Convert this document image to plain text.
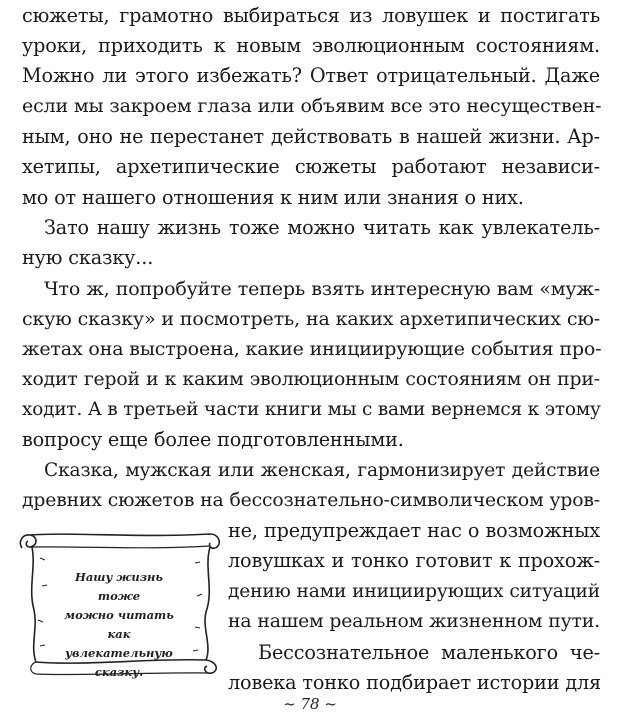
сюжеты, грамотно выбираться из ловушек и постигать
уроки, приходить к новым эволюционным состояниям.
Можно ли этого избежать? Ответ отрицательный. Даже
если мы закроем глаза или объявим все это несуществен-
ным, оно не перестанет действовать в нашей жизни. Ар-
хетипы, архетипические сюжеты работают независи-
мо от нашего отношения к ним или знания о них.
Зато нашу жизнь тоже можно читать как увлекатель-
ную сказку...
Что ж, попробуйте теперь взять интересную вам «муж-
скую сказку» и посмотреть, на каких архетипических сю-
жетах она выстроена, какие инициирующие события про-
ходит герой и к каким эволюционным состояниям он при-
ходит. А в третьей части книги мы с вами вернемся к этому
вопросу еще более подготовленными.
Сказка, мужская или женская, гармонизирует действие
древних сюжетов на бессознательно-символическом уров-
не, предупреждает нас о возможных
ловушках и тонко готовит к прохож-
дению нами инициирующих ситуаций
на нашем реальном жизненном пути.
Бессознательное маленького че-
ловека тонко подбирает истории для
Нашу жизнь тоже
можно читать как
увлекательную
сказку.
~ 78 ~
